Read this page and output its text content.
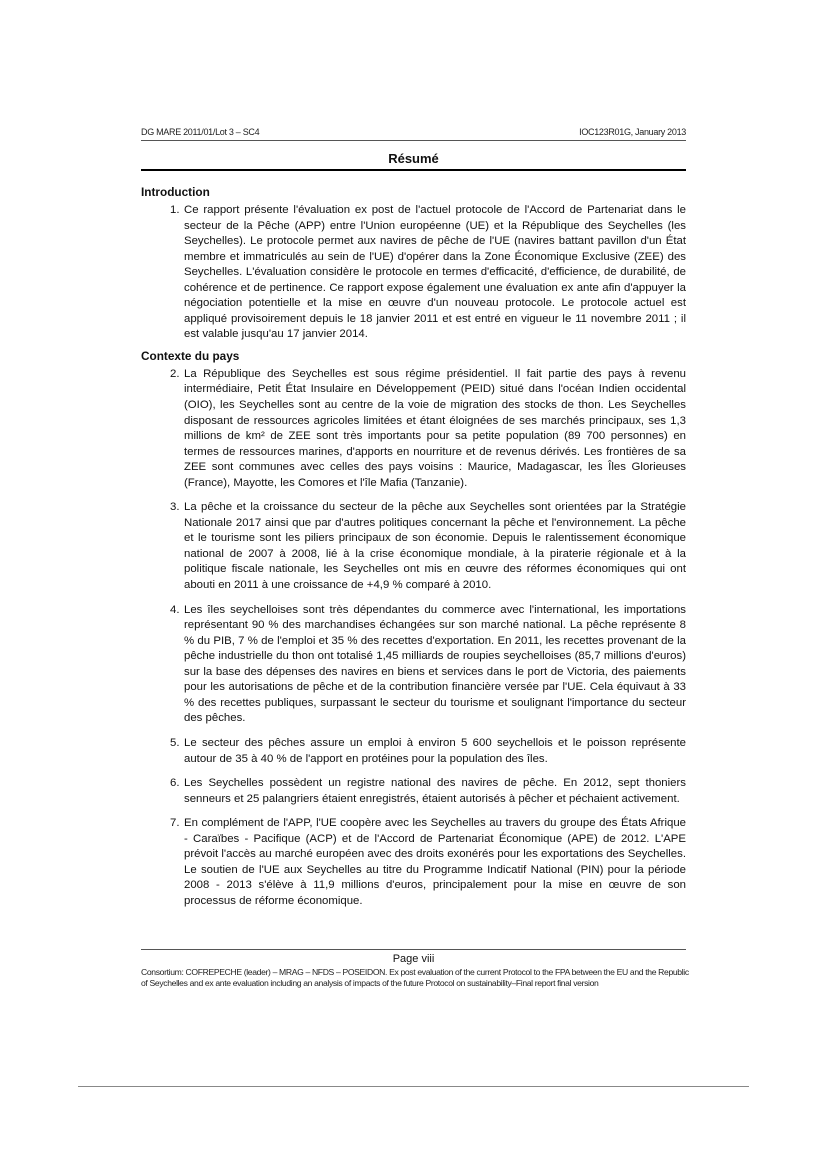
DG MARE 2011/01/Lot 3 – SC4	IOC123R01G, January 2013
Résumé
Introduction
1. Ce rapport présente l'évaluation ex post de l'actuel protocole de l'Accord de Partenariat dans le secteur de la Pêche (APP) entre l'Union européenne (UE) et la République des Seychelles (les Seychelles). Le protocole permet aux navires de pêche de l'UE (navires battant pavillon d'un État membre et immatriculés au sein de l'UE) d'opérer dans la Zone Économique Exclusive (ZEE) des Seychelles. L'évaluation considère le protocole en termes d'efficacité, d'efficience, de durabilité, de cohérence et de pertinence. Ce rapport expose également une évaluation ex ante afin d'appuyer la négociation potentielle et la mise en œuvre d'un nouveau protocole. Le protocole actuel est appliqué provisoirement depuis le 18 janvier 2011 et est entré en vigueur le 11 novembre 2011 ; il est valable jusqu'au 17 janvier 2014.
Contexte du pays
2. La République des Seychelles est sous régime présidentiel. Il fait partie des pays à revenu intermédiaire, Petit État Insulaire en Développement (PEID) situé dans l'océan Indien occidental (OIO), les Seychelles sont au centre de la voie de migration des stocks de thon. Les Seychelles disposant de ressources agricoles limitées et étant éloignées de ses marchés principaux, ses 1,3 millions de km² de ZEE sont très importants pour sa petite population (89 700 personnes) en termes de ressources marines, d'apports en nourriture et de revenus dérivés. Les frontières de sa ZEE sont communes avec celles des pays voisins : Maurice, Madagascar, les Îles Glorieuses (France), Mayotte, les Comores et l'île Mafia (Tanzanie).
3. La pêche et la croissance du secteur de la pêche aux Seychelles sont orientées par la Stratégie Nationale 2017 ainsi que par d'autres politiques concernant la pêche et l'environnement. La pêche et le tourisme sont les piliers principaux de son économie. Depuis le ralentissement économique national de 2007 à 2008, lié à la crise économique mondiale, à la piraterie régionale et à la politique fiscale nationale, les Seychelles ont mis en œuvre des réformes économiques qui ont abouti en 2011 à une croissance de +4,9 % comparé à 2010.
4. Les îles seychelloises sont très dépendantes du commerce avec l'international, les importations représentant 90 % des marchandises échangées sur son marché national. La pêche représente 8 % du PIB, 7 % de l'emploi et 35 % des recettes d'exportation. En 2011, les recettes provenant de la pêche industrielle du thon ont totalisé 1,45 milliards de roupies seychelloises (85,7 millions d'euros) sur la base des dépenses des navires en biens et services dans le port de Victoria, des paiements pour les autorisations de pêche et de la contribution financière versée par l'UE. Cela équivaut à 33 % des recettes publiques, surpassant le secteur du tourisme et soulignant l'importance du secteur des pêches.
5. Le secteur des pêches assure un emploi à environ 5 600 seychellois et le poisson représente autour de 35 à 40 % de l'apport en protéines pour la population des îles.
6. Les Seychelles possèdent un registre national des navires de pêche. En 2012, sept thoniers senneurs et 25 palangriers étaient enregistrés, étaient autorisés à pêcher et péchaient activement.
7. En complément de l'APP, l'UE coopère avec les Seychelles au travers du groupe des États Afrique - Caraïbes - Pacifique (ACP) et de l'Accord de Partenariat Économique (APE) de 2012. L'APE prévoit l'accès au marché européen avec des droits exonérés pour les exportations des Seychelles. Le soutien de l'UE aux Seychelles au titre du Programme Indicatif National (PIN) pour la période 2008 - 2013 s'élève à 11,9 millions d'euros, principalement pour la mise en œuvre de son processus de réforme économique.
Page viii
Consortium: COFREPECHE (leader) – MRAG – NFDS – POSEIDON. Ex post evaluation of the current Protocol to the FPA between the EU and the Republic of Seychelles and ex ante evaluation including an analysis of impacts of the future Protocol on sustainability–Final report final version
